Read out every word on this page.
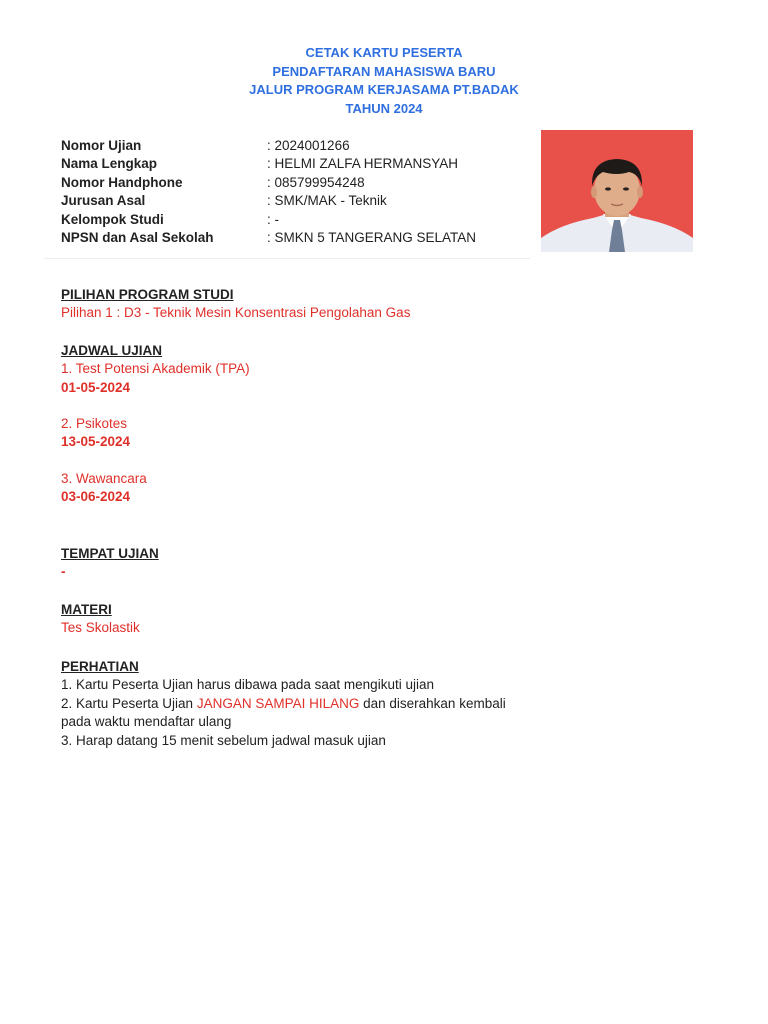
CETAK KARTU PESERTA
PENDAFTARAN MAHASISWA BARU
JALUR PROGRAM KERJASAMA PT.BADAK
TAHUN 2024
Nomor Ujian	: 2024001266
Nama Lengkap	: HELMI ZALFA HERMANSYAH
Nomor Handphone	: 085799954248
Jurusan Asal	: SMK/MAK - Teknik
Kelompok Studi	: -
NPSN dan Asal Sekolah	: SMKN 5 TANGERANG SELATAN
PILIHAN PROGRAM STUDI
Pilihan 1 : D3 - Teknik Mesin Konsentrasi Pengolahan Gas
JADWAL UJIAN
1. Test Potensi Akademik (TPA)
01-05-2024
2. Psikotes
13-05-2024
3. Wawancara
03-06-2024
TEMPAT UJIAN
-
MATERI
Tes Skolastik
PERHATIAN
1. Kartu Peserta Ujian harus dibawa pada saat mengikuti ujian
2. Kartu Peserta Ujian JANGAN SAMPAI HILANG dan diserahkan kembali pada waktu mendaftar ulang
3. Harap datang 15 menit sebelum jadwal masuk ujian
